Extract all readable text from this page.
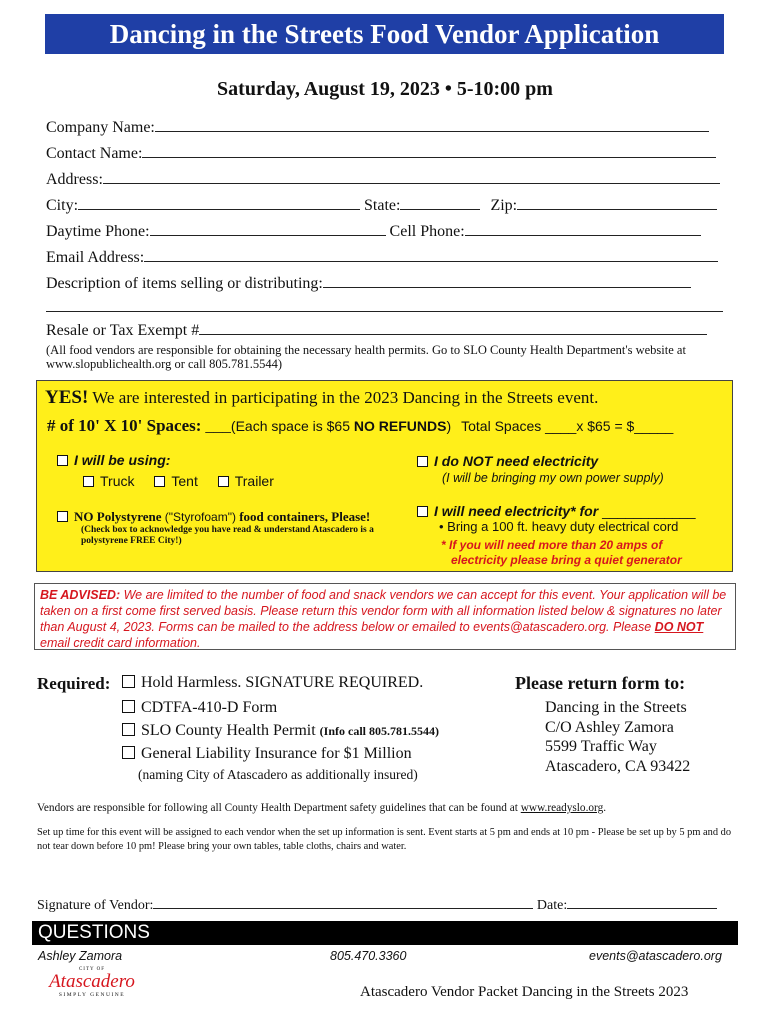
Dancing in the Streets Food Vendor Application
Saturday, August 19, 2023 • 5-10:00 pm
Company Name:
Contact Name:
Address:
City:	State:	Zip:
Daytime Phone:	Cell Phone:
Email Address:
Description of items selling or distributing:
Resale or Tax Exempt #
(All food vendors are responsible for obtaining the necessary health permits. Go to SLO County Health Department's website at www.slopublichealth.org or call 805.781.5544)
YES! We are interested in participating in the 2023 Dancing in the Streets event.
# of 10' X 10' Spaces: ___(Each space is $65 NO REFUNDS) Total Spaces ____x $65 = $_____
I will be using:
Truck	Tent	Trailer
NO Polystyrene ("Styrofoam") food containers, Please!
(Check box to acknowledge you have read & understand Atascadero is a polystyrene FREE City!)
I do NOT need electricity
(I will be bringing my own power supply)
I will need electricity* for ____________
• Bring a 100 ft. heavy duty electrical cord
* If you will need more than 20 amps of
electricity please bring a quiet generator
BE ADVISED: We are limited to the number of food and snack vendors we can accept for this event. Your application will be taken on a first come first served basis. Please return this vendor form with all information listed below & signatures no later than August 4, 2023. Forms can be mailed to the address below or emailed to events@atascadero.org. Please DO NOT email credit card information.
Required:	Hold Harmless. SIGNATURE REQUIRED.
CDTFA-410-D Form
SLO County Health Permit (Info call 805.781.5544)
General Liability Insurance for $1 Million
(naming City of Atascadero as additionally insured)
Please return form to:
Dancing in the Streets
C/O Ashley Zamora
5599 Traffic Way
Atascadero, CA 93422
Vendors are responsible for following all County Health Department safety guidelines that can be found at www.readyslo.org.
Set up time for this event will be assigned to each vendor when the set up information is sent. Event starts at 5 pm and ends at 10 pm - Please be set up by 5 pm and do not tear down before 10 pm! Please bring your own tables, table cloths, chairs and water.
Signature of Vendor:	Date:
QUESTIONS
Ashley Zamora	805.470.3360	events@atascadero.org
CITY OF
Atascadero
SIMPLY GENUINE	Atascadero Vendor Packet Dancing in the Streets 2023
